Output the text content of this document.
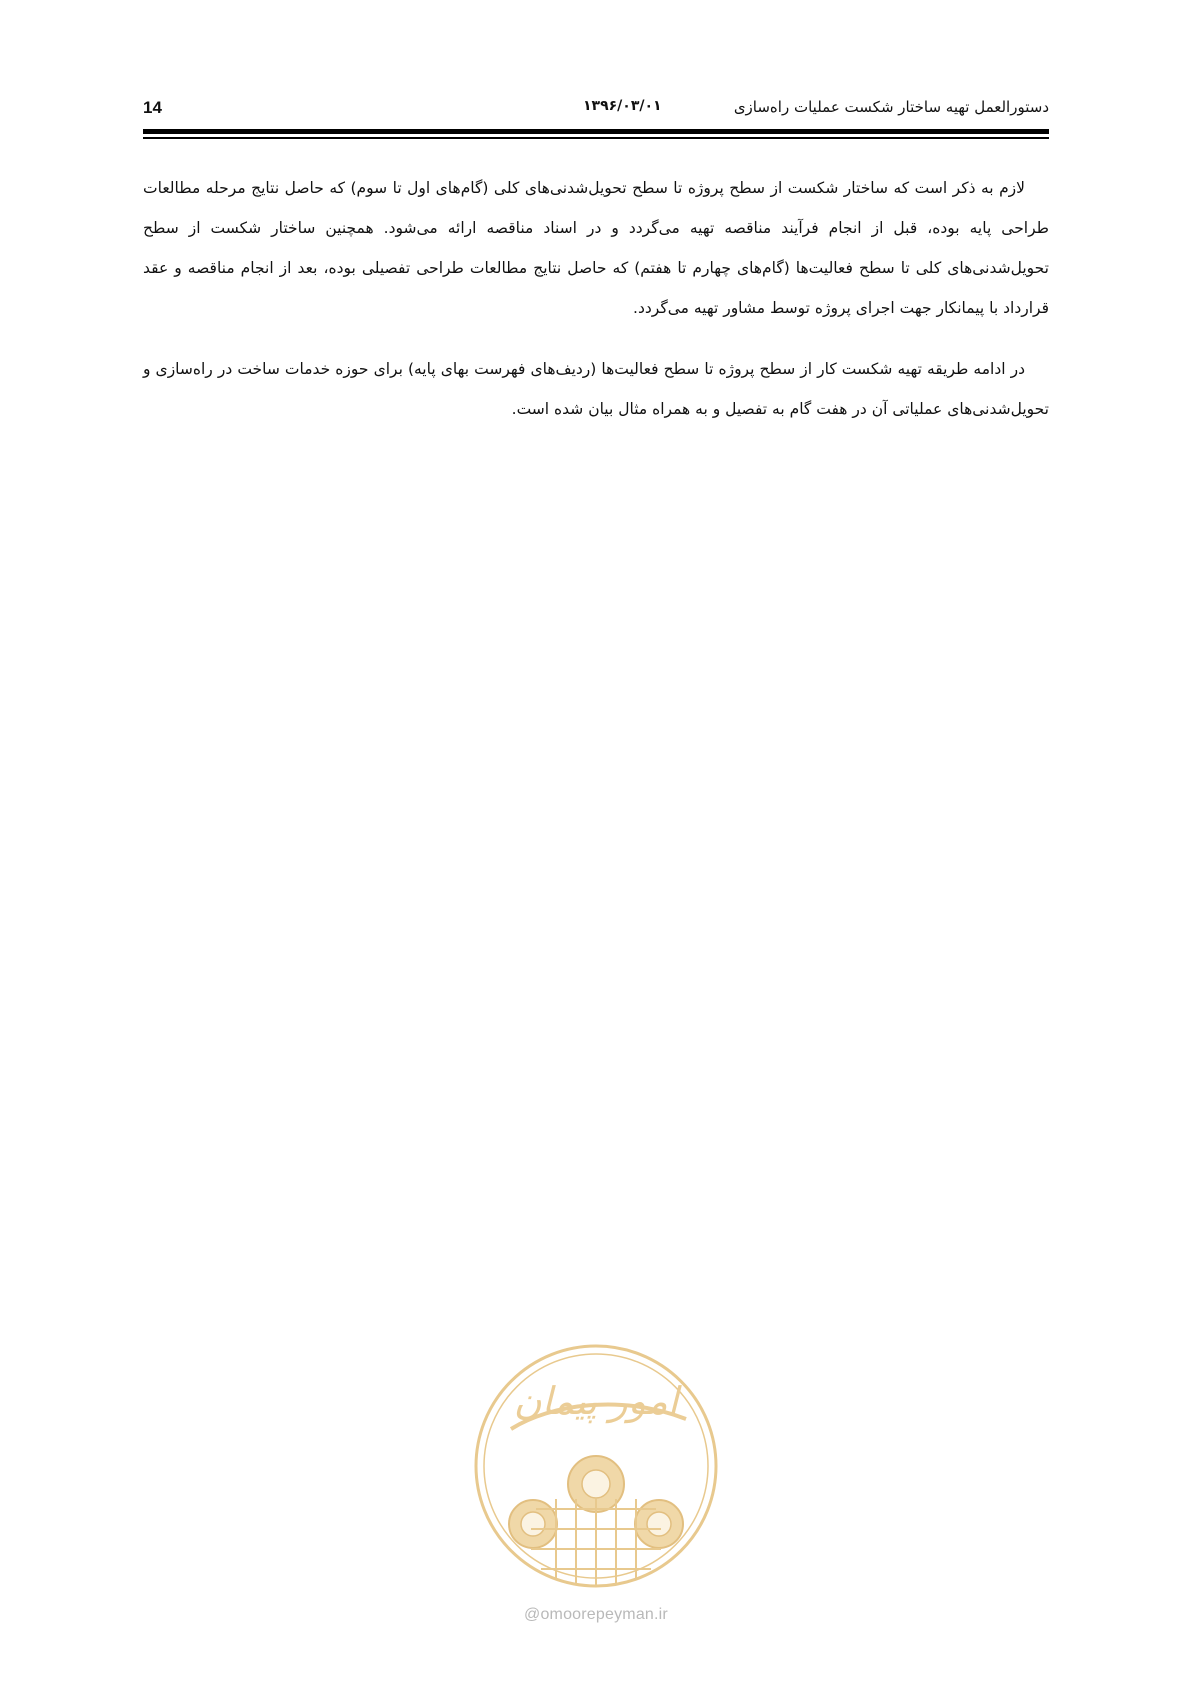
14	۱۳۹۶/۰۳/۰۱	دستورالعمل تهیه ساختار شکست عملیات راه‌سازی

لازم به ذکر است که ساختار شکست از سطح پروژه تا سطح تحویل‌شدنی‌های کلی (گام‌های اول تا سوم) که حاصل نتایج مرحله مطالعات طراحی پایه بوده، قبل از انجام فرآیند مناقصه تهیه می‌گردد و در اسناد مناقصه ارائه می‌شود. همچنین ساختار شکست از سطح تحویل‌شدنی‌های کلی تا سطح فعالیت‌ها (گام‌های چهارم تا هفتم) که حاصل نتایج مطالعات طراحی تفصیلی بوده، بعد از انجام مناقصه و عقد قرارداد با پیمانکار جهت اجرای پروژه توسط مشاور تهیه می‌گردد.

در ادامه طریقه تهیه شکست کار از سطح پروژه تا سطح فعالیت‌ها (ردیف‌های فهرست بهای پایه) برای حوزه خدمات ساخت در راه‌سازی و تحویل‌شدنی‌های عملیاتی آن در هفت گام به تفصیل و به همراه مثال بیان شده است.

امور پیمان
@omoorepeyman.ir
